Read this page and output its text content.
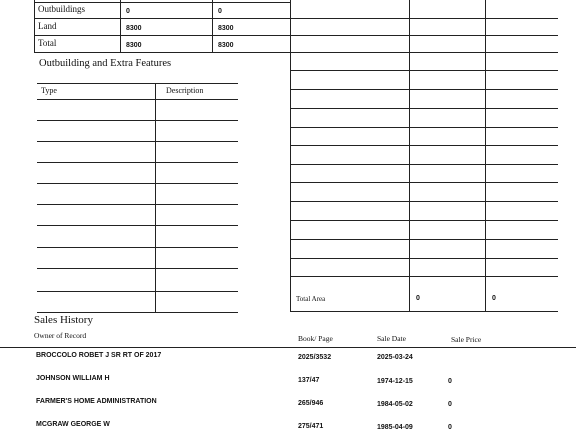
Outbuildings	0	0
Land	8300	8300
Total	8300	8300
Outbuilding and Extra Features
Type	Description
Total Area	0	0
Sales History
Owner of Record	Book/ Page	Sale Date	Sale Price
BROCCOLO ROBET J SR RT OF 2017	2025/3532	2025-03-24
JOHNSON WILLIAM H	137/47	1974-12-15	0
FARMER'S HOME ADMINISTRATION	265/946	1984-05-02	0
MCGRAW GEORGE W	275/471	1985-04-09	0
